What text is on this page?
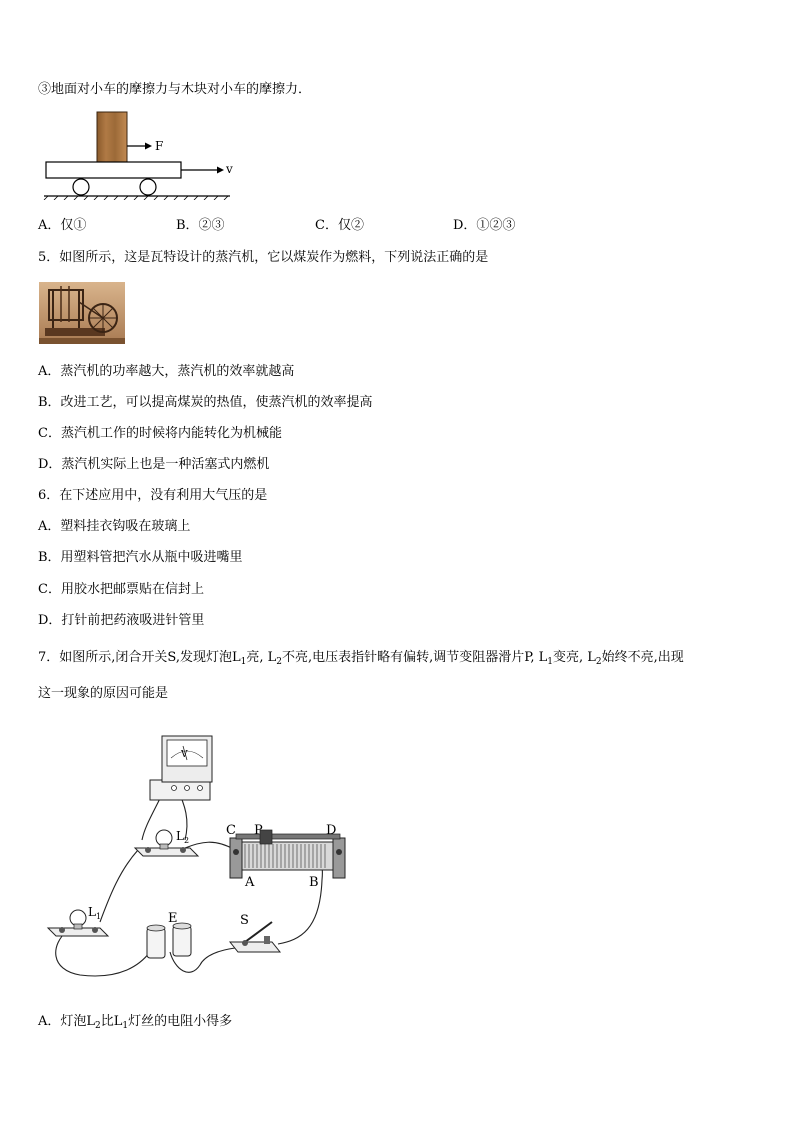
③地面对小车的摩擦力与木块对小车的摩擦力．
F
v
A．仅①	B．②③	C．仅②	D．①②③
5．如图所示，这是瓦特设计的蒸汽机，它以煤炭作为燃料，下列说法正确的是
A．蒸汽机的功率越大，蒸汽机的效率就越高
B．改进工艺，可以提高煤炭的热值，使蒸汽机的效率提高
C．蒸汽机工作的时候将内能转化为机械能
D．蒸汽机实际上也是一种活塞式内燃机
6．在下述应用中，没有利用大气压的是
A．塑料挂衣钩吸在玻璃上
B．用塑料管把汽水从瓶中吸进嘴里
C．用胶水把邮票贴在信封上
D．打针前把药液吸进针管里
7．如图所示,闭合开关S,发现灯泡$L_1$亮, $L_2$不亮,电压表指针略有偏转,调节变阻器滑片P, $L_1$变亮, $L_2$始终不亮,出现
这一现象的原因可能是
V
$L_2$
C P	D
A	B
$L_1$	E	S
A．灯泡$L_2$比$L_1$灯丝的电阻小得多
